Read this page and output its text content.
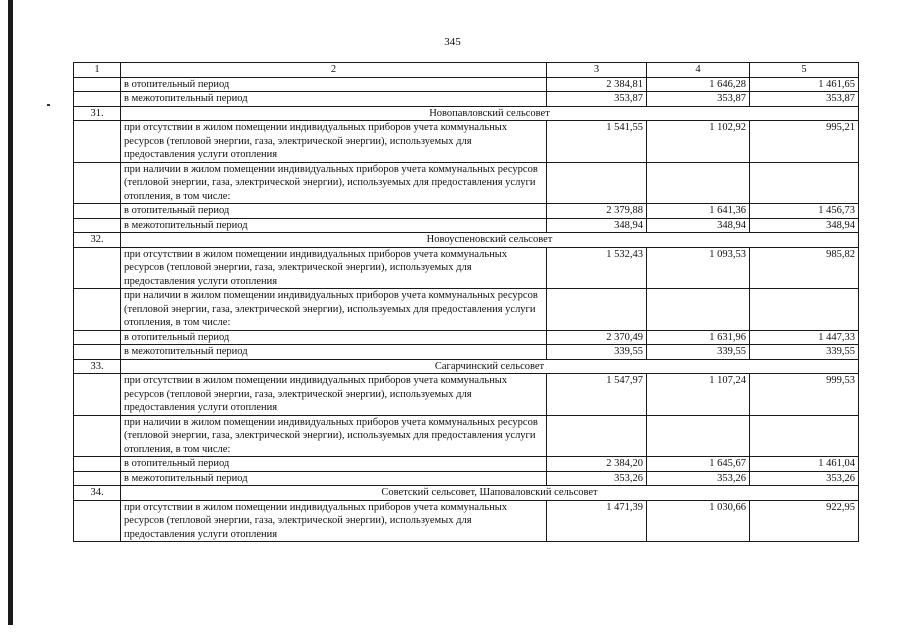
345
1	2	3	4	5
	в отопительный период	2 384,81	1 646,28	1 461,65
	в межотопительный период	353,87	353,87	353,87
31.	Новопавловский сельсовет			
	при отсутствии в жилом помещении индивидуальных приборов учета коммунальных ресурсов (тепловой энергии, газа, электрической энергии), используемых для предоставления услуги отопления	1 541,55	1 102,92	995,21
	при наличии в жилом помещении индивидуальных приборов учета коммунальных ресурсов (тепловой энергии, газа, электрической энергии), используемых для предоставления услуги отопления, в том числе:			
	в отопительный период	2 379,88	1 641,36	1 456,73
	в межотопительный период	348,94	348,94	348,94
32.	Новоуспеновский сельсовет			
	при отсутствии в жилом помещении индивидуальных приборов учета коммунальных ресурсов (тепловой энергии, газа, электрической энергии), используемых для предоставления услуги отопления	1 532,43	1 093,53	985,82
	при наличии в жилом помещении индивидуальных приборов учета коммунальных ресурсов (тепловой энергии, газа, электрической энергии), используемых для предоставления услуги отопления, в том числе:			
	в отопительный период	2 370,49	1 631,96	1 447,33
	в межотопительный период	339,55	339,55	339,55
33.	Сагарчинский сельсовет			
	при отсутствии в жилом помещении индивидуальных приборов учета коммунальных ресурсов (тепловой энергии, газа, электрической энергии), используемых для предоставления услуги отопления	1 547,97	1 107,24	999,53
	при наличии в жилом помещении индивидуальных приборов учета коммунальных ресурсов (тепловой энергии, газа, электрической энергии), используемых для предоставления услуги отопления, в том числе:			
	в отопительный период	2 384,20	1 645,67	1 461,04
	в межотопительный период	353,26	353,26	353,26
34.	Советский сельсовет, Шаповаловский сельсовет			
	при отсутствии в жилом помещении индивидуальных приборов учета коммунальных ресурсов (тепловой энергии, газа, электрической энергии), используемых для предоставления услуги отопления	1 471,39	1 030,66	922,95
